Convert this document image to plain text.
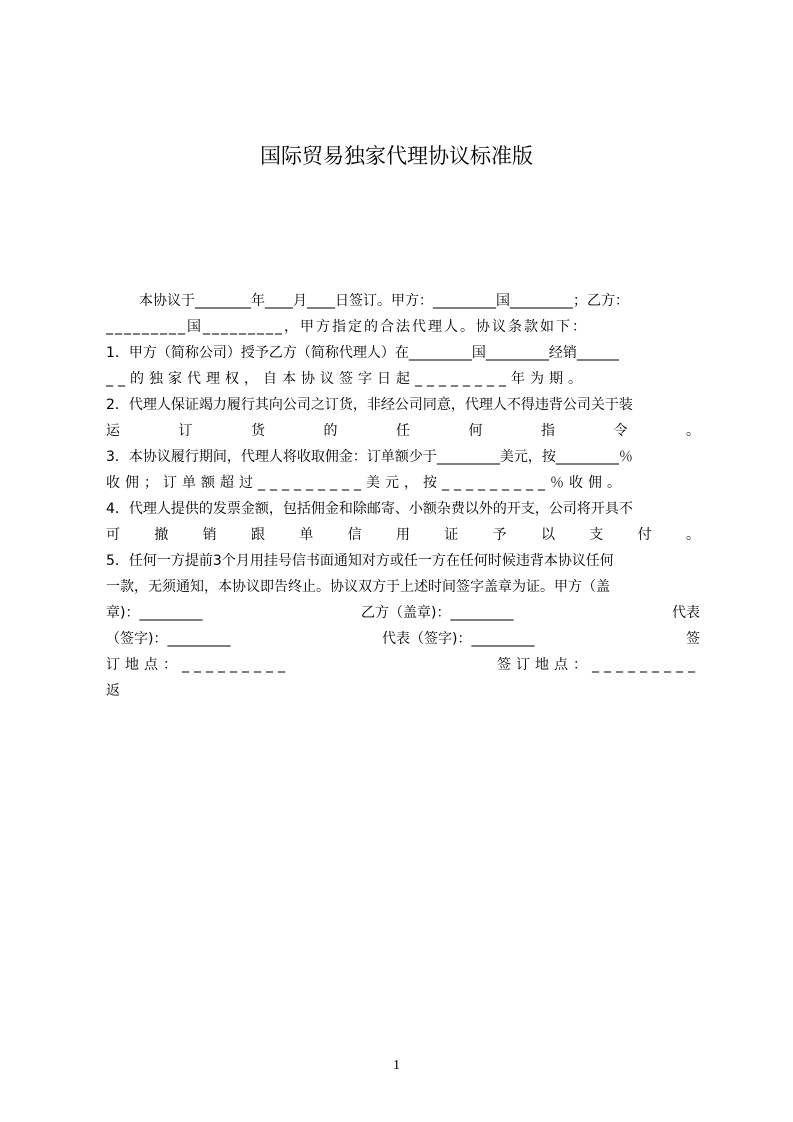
国际贸易独家代理协议标准版
本协议于________年____月____日签订。甲方：_________国_________；乙方：
_________国_________，甲方指定的合法代理人。协议条款如下：
1．甲方（简称公司）授予乙方（简称代理人）在_________国_________经销______
__的独家代理权，自本协议签字日起________年为期。
2．代理人保证竭力履行其向公司之订货，非经公司同意，代理人不得违背公司关于装
运	订	货	的	任	何	指	令	。
3．本协议履行期间，代理人将收取佣金：订单额少于_________美元，按_________％
收佣；订单额超过_________美元，按_________％收佣。
4．代理人提供的发票金额，包括佣金和除邮寄、小额杂费以外的开支，公司将开具不
可 撤 销 跟 单 信 用 证 予 以 支 付 。
5．任何一方提前3个月用挂号信书面通知对方或任一方在任何时候违背本协议任何
一款，无须通知，本协议即告终止。协议双方于上述时间签字盖章为证。甲方（盖
章)：_________	乙方（盖章)：_________	代表
（签字)：_________	代表（签字)：_________	签
订地点：_________	签订地点：_________
返
1
